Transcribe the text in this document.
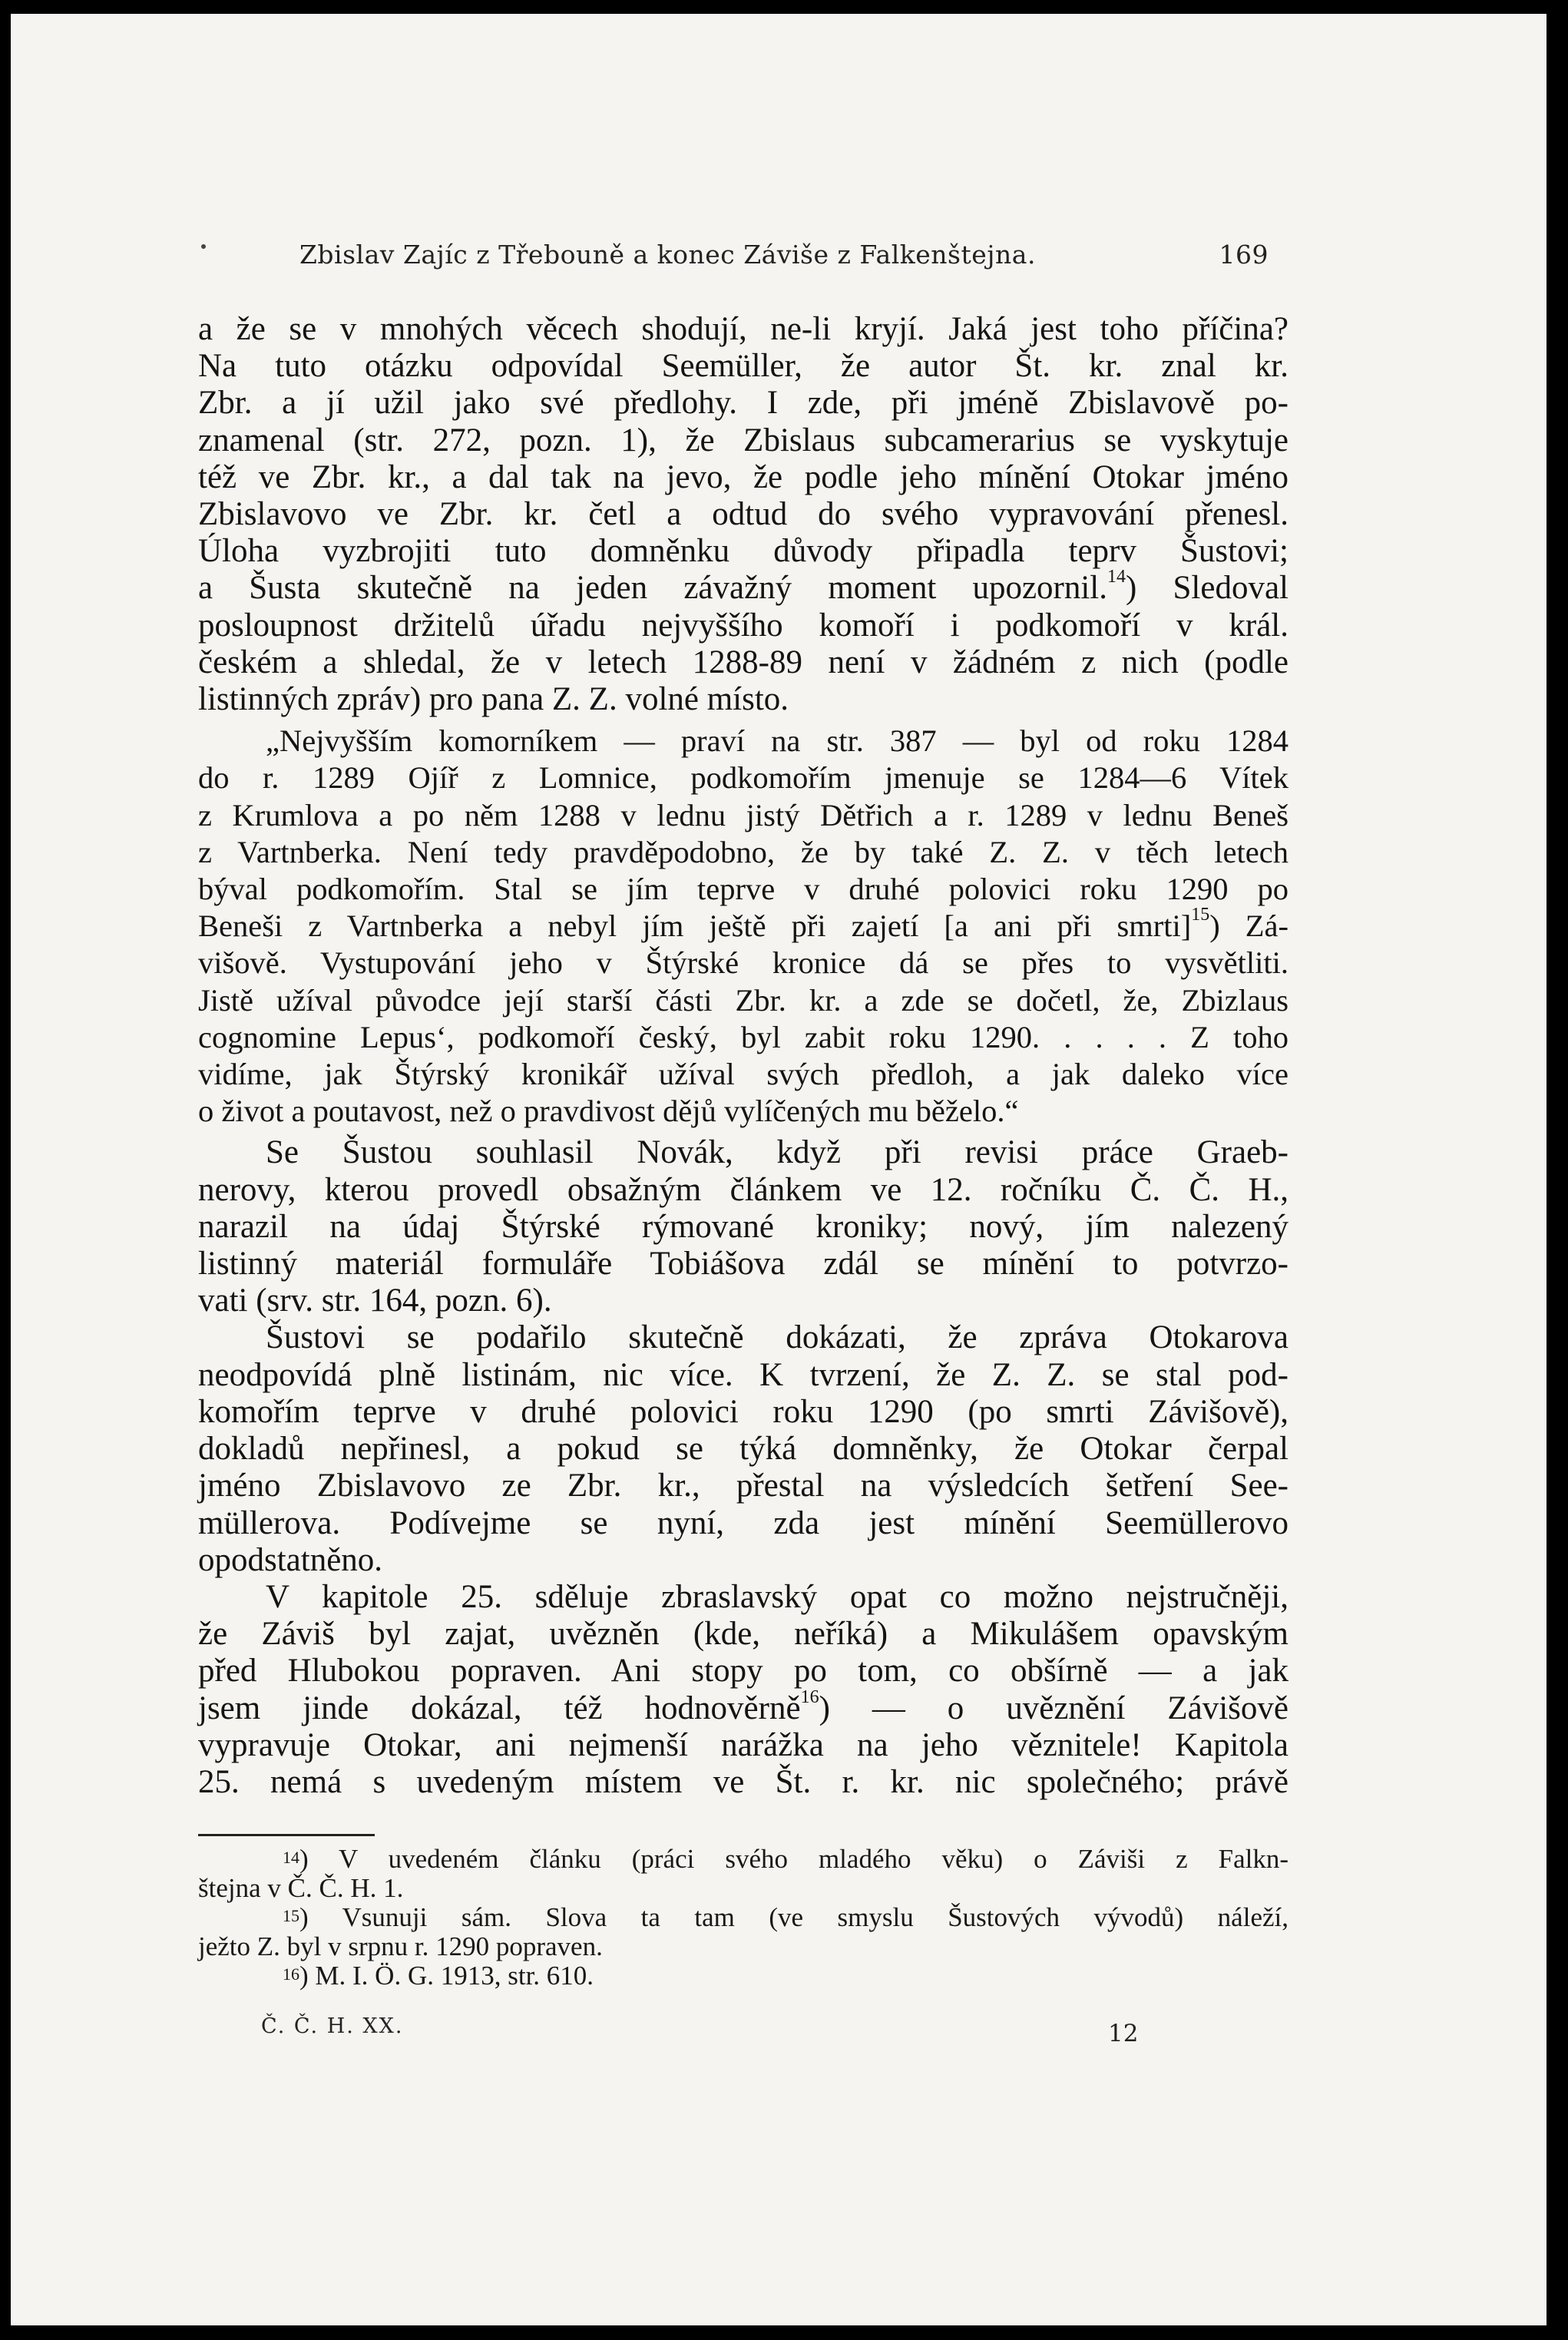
Zbislav Zajíc z Třebouně a konec Záviše z Falkenštejna.	169

a že se v mnohých věcech shodují, ne-li kryjí. Jaká jest toho příčina?

Na tuto otázku odpovídal Seemüller, že autor Št. kr. znal kr.

Zbr. a jí užil jako své předlohy. I zde, při jméně Zbislavově po-

znamenal (str. 272, pozn. 1), že Zbislaus subcamerarius se vyskytuje

též ve Zbr. kr., a dal tak na jevo, že podle jeho mínění Otokar jméno

Zbislavovo ve Zbr. kr. četl a odtud do svého vypravování přenesl.

Úloha vyzbrojiti tuto domněnku důvody připadla teprv Šustovi;

a Šusta skutečně na jeden závažný moment upozornil.$^{14}$) Sledoval

posloupnost držitelů úřadu nejvyššího komoří i podkomoří v král.

českém a shledal, že v letech 1288-89 není v žádném z nich (podle

listinných zpráv) pro pana Z. Z. volné místo.

„Nejvyšším komorníkem — praví na str. 387 — byl od roku 1284

do r. 1289 Ojíř z Lomnice, podkomořím jmenuje se 1284—6 Vítek

z Krumlova a po něm 1288 v lednu jistý Dětřich a r. 1289 v lednu Beneš

z Vartnberka. Není tedy pravděpodobno, že by také Z. Z. v těch letech

býval podkomořím. Stal se jím teprve v druhé polovici roku 1290 po

Beneši z Vartnberka a nebyl jím ještě při zajetí [a ani při smrti]$^{15}$) Zá-

višově. Vystupování jeho v Štýrské kronice dá se přes to vysvětliti.

Jistě užíval původce její starší části Zbr. kr. a zde se dočetl, že, Zbizlaus

cognomine Lepus‘, podkomoří český, byl zabit roku 1290. . . . . Z toho

vidíme, jak Štýrský kronikář užíval svých předloh, a jak daleko více

o život a poutavost, než o pravdivost dějů vylíčených mu běželo.“

Se Šustou souhlasil Novák, když při revisi práce Graeb-

nerovy, kterou provedl obsažným článkem ve 12. ročníku Č. Č. H.,

narazil na údaj Štýrské rýmované kroniky; nový, jím nalezený

listinný materiál formuláře Tobiášova zdál se mínění to potvrzo-

vati (srv. str. 164, pozn. 6).

Šustovi se podařilo skutečně dokázati, že zpráva Otokarova

neodpovídá plně listinám, nic více. K tvrzení, že Z. Z. se stal pod-

komořím teprve v druhé polovici roku 1290 (po smrti Závišově),

dokladů nepřinesl, a pokud se týká domněnky, že Otokar čerpal

jméno Zbislavovo ze Zbr. kr., přestal na výsledcích šetření See-

müllerova. Podívejme se nyní, zda jest mínění Seemüllerovo

opodstatněno.

V kapitole 25. sděluje zbraslavský opat co možno nejstručněji,

že Záviš byl zajat, uvězněn (kde, neříká) a Mikulášem opavským

před Hlubokou popraven. Ani stopy po tom, co obšírně — a jak

jsem jinde dokázal, též hodnověrně$^{16}$) — o uvěznění Závišově

vypravuje Otokar, ani nejmenší narážka na jeho věznitele! Kapitola

25. nemá s uvedeným místem ve Št. r. kr. nic společného; právě

$^{14}$) V uvedeném článku (práci svého mladého věku) o Záviši z Falkn-

štejna v Č. Č. H. 1.

$^{15}$) Vsunuji sám. Slova ta tam (ve smyslu Šustových vývodů) náleží,

ježto Z. byl v srpnu r. 1290 popraven.

$^{16}$) M. I. Ö. G. 1913, str. 610.

Č. Č. H. XX.	12
